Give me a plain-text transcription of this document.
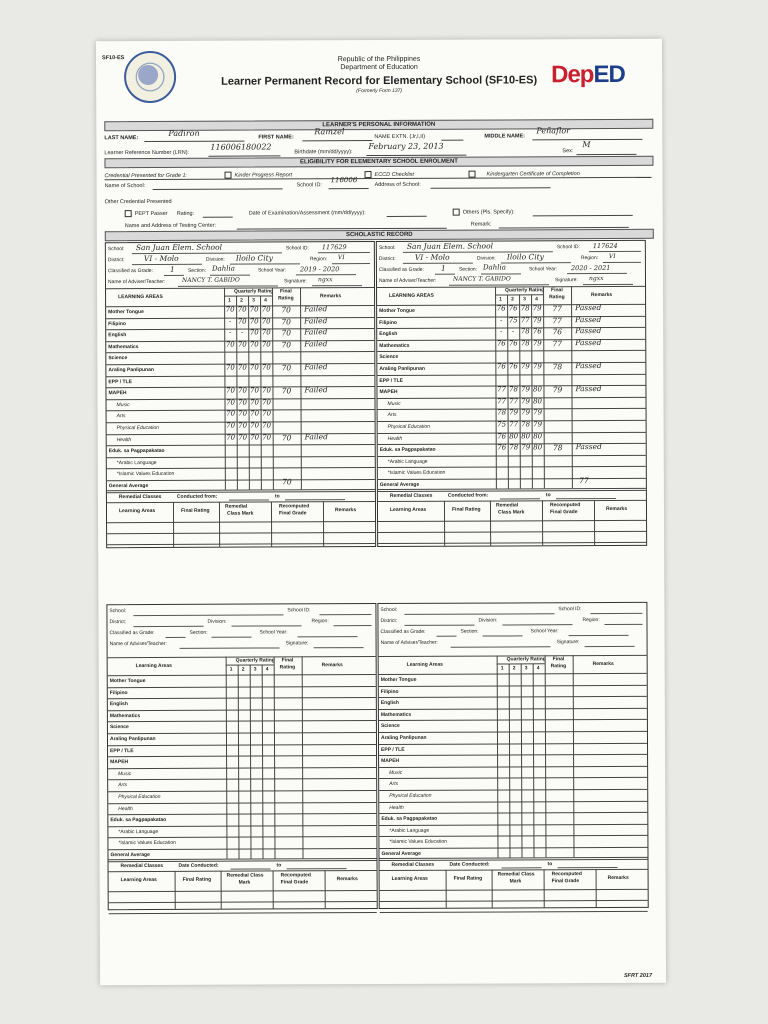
SF10-ES
DepED

Republic of the Philippines
Department of Education
Learner Permanent Record for Elementary School (SF10-ES)
(Formerly Form 137)
LEARNER'S PERSONAL INFORMATION
LAST NAME:
Padiron	FIRST NAME:
Ramzel
NAME EXTN. (Jr,I,II)	MIDDLE NAME:
Peñaflor
Learner Reference Number (LRN):
116006180022
Birthdate (mm/dd/yyyy):
February 23, 2013
Sex:
M
ELIGIBILITY FOR ELEMENTARY SCHOOL ENROLMENT
Credential Presented for Grade 1:	Kinder Progress Report	ECCD Checklist	Kindergarten Certificate of Completion
Name of School:	School ID:
116006
Address of School:
Other Credential Presented
PEPT Passer Rating:	Date of Examination/Assessment (mm/dd/yyyy):	Others (Pls. Specify):
Name and Address of Testing Center:	Remark:
SCHOLASTIC RECORD
School: San Juan Elem. School	School ID: 117629
District:	VI - Molo	Division: Iloilo City	Region: VI
Classified as Grade: 1	Section: Dahlia	School Year: 2019 - 2020
Name of Adviser/Teacher:	NANCY T. GABIDO	Signature: ngxx
LEARNING AREAS
Quarterly Rating
1 2 3 4
Final
Rating	Remarks
Mother Tongue	70 70 70 70 70 Failed
Filipino	- 70 70 70 70 Failed
English	- - 70 70 70 Failed
Mathematics	70 70 70 70 70 Failed
Science
Araling Panlipunan	70 70 70 70 70 Failed
EPP / TLE
MAPEH	70 70 70 70 70 Failed
Music	70 70 70 70
Arts	70 70 70 70
Physical Education	70 70 70 70
Health	70 70 70 70 70 Failed
Eduk. sa Pagpapakatao
*Arabic Language
*Islamic Values Education
General Average	70
Remedial Classes	Conducted from:	to
Learning Areas	Final Rating
Remedial
Class Mark
Recomputed
Final Grade
Remarks
School: San Juan Elem. School	School ID: 117624
District:	VI - Molo	Division: Iloilo City	Region: VI
Classified as Grade: 1	Section: Dahlia	School Year: 2020 - 2021
Name of Adviser/Teacher:	NANCY T. GABIDO	Signature: ngxx
LEARNING AREAS
Quarterly Rating
1 2 3 4
Final
Rating	Remarks
Mother Tongue	76 76 78 79 77 Passed
Filipino	- 75 77 79 77 Passed
English	- - 78 76 76 Passed
Mathematics	76 76 78 79 77 Passed
Science
Araling Panlipunan	76 76 79 79 78 Passed
EPP / TLE
MAPEH	77 78 79 80 79 Passed
Music	77 77 79 80
Arts	78 79 79 79
Physical Education	75 77 78 79
Health	76 80 80 80
Eduk. sa Pagpapakatao	76 78 79 80 78 Passed
*Arabic Language
*Islamic Values Education
General Average	77
Remedial Classes	Conducted from:	to
Learning Areas	Final Rating
Remedial
Class Mark
Recomputed
Final Grade
Remarks
School:	School ID:
District:	Division:	Region:
Classified as Grade:	Section:	School Year:
Name of Adviser/Teacher:	Signature:
Learning Areas
Quarterly Rating
1 2 3 4
Final
Rating	Remarks
Mother Tongue
Filipino
English
Mathematics
Science
Araling Panlipunan
EPP / TLE
MAPEH
Music
Arts
Physical Education
Health
Eduk. sa Pagpapakatao
*Arabic Language
*Islamic Values Education
General Average
Remedial Classes	Date Conducted:	to
Learning Areas	Final Rating
Remedial Class
Mark
Recomputed
Final Grade
Remarks
School:	School ID:
District:	Division:	Region:
Classified as Grade:	Section:	School Year:
Name of Adviser/Teacher:	Signature:
Learning Areas
Quarterly Rating
1 2 3 4
Final
Rating	Remarks
Mother Tongue
Filipino
English
Mathematics
Science
Araling Panlipunan
EPP / TLE
MAPEH
Music
Arts
Physical Education
Health
Eduk. sa Pagpapakatao
*Arabic Language
*Islamic Values Education
General Average
Remedial Classes	Date Conducted:	to
Learning Areas	Final Rating
Remedial Class
Mark
Recomputed
Final Grade
Remarks
SFRT 2017
